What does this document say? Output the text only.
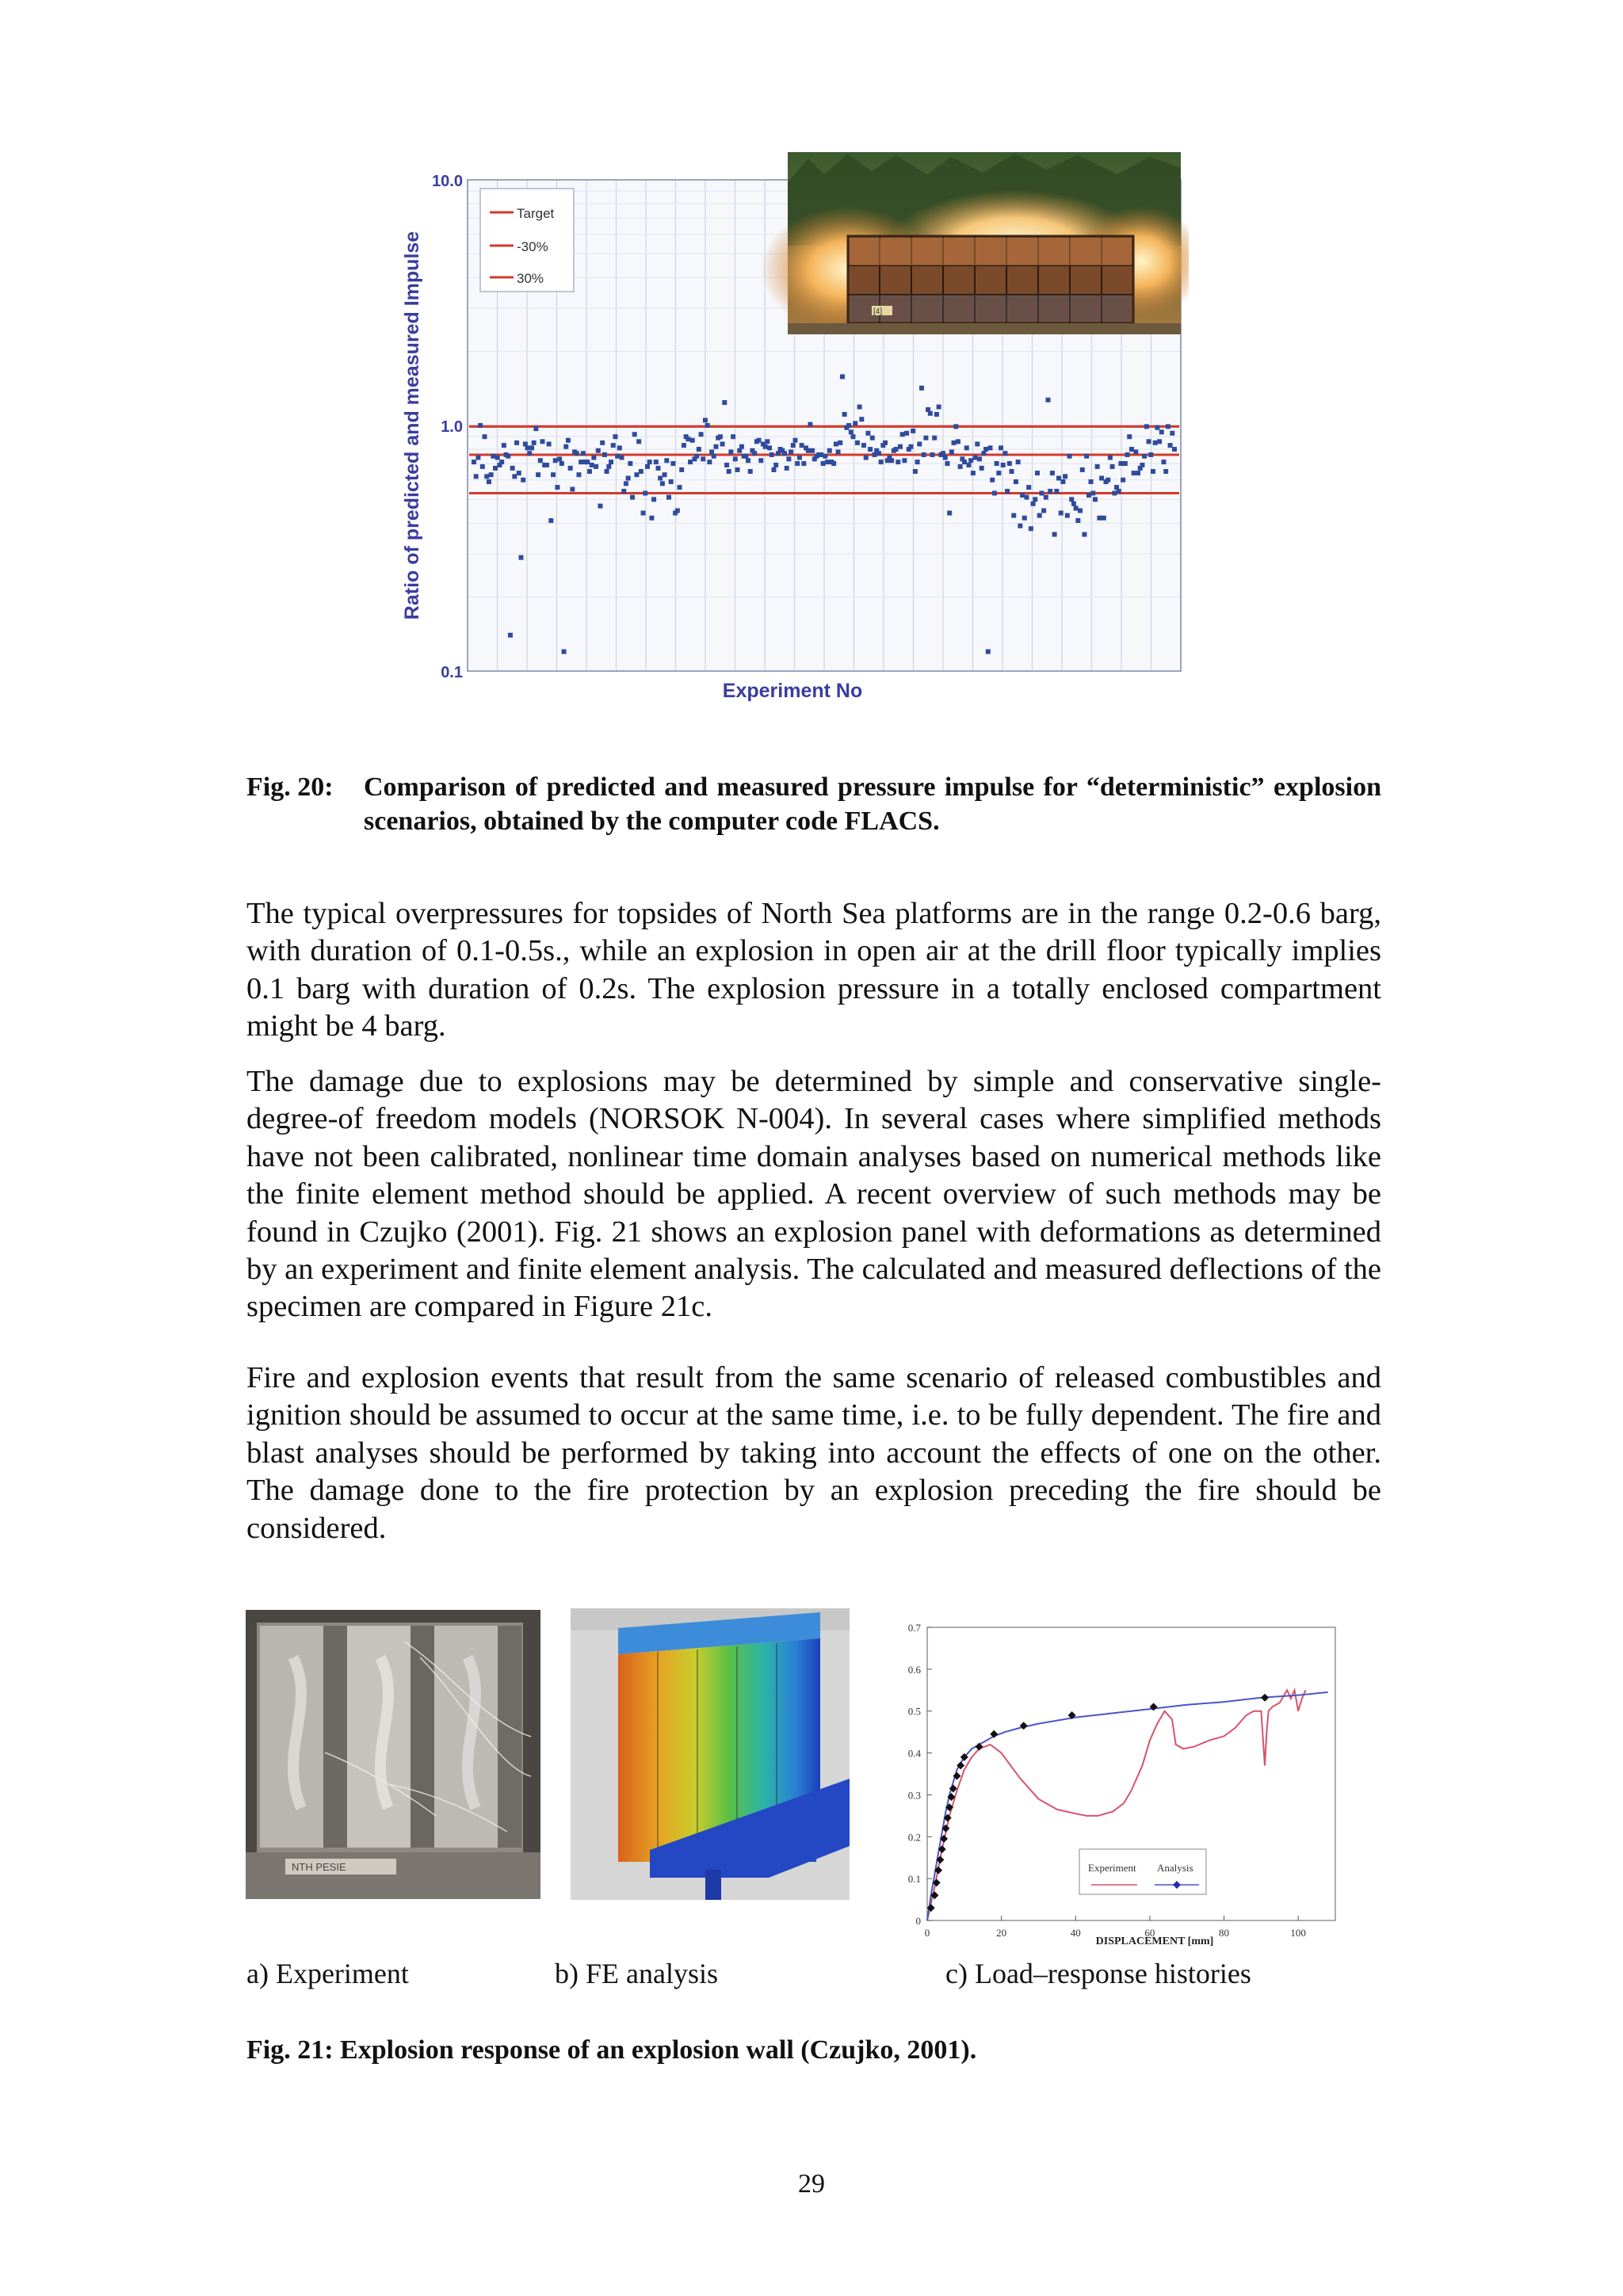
Target
-30%
30%
10.0
1.0
0.1
Ratio of predicted and measured Impulse
Experiment No
[4]
Fig. 20:	Comparison of predicted and measured pressure impulse for “deterministic” explosion scenarios, obtained by the computer code FLACS.
The typical overpressures for topsides of North Sea platforms are in the range 0.2-0.6 barg, with duration of 0.1-0.5s., while an explosion in open air at the drill floor typically implies 0.1 barg with duration of 0.2s. The explosion pressure in a totally enclosed compartment might be 4 barg.
The damage due to explosions may be determined by simple and conservative single-degree-of freedom models (NORSOK N-004). In several cases where simplified methods have not been calibrated, nonlinear time domain analyses based on numerical methods like the finite element method should be applied. A recent overview of such methods may be found in Czujko (2001). Fig. 21 shows an explosion panel with deformations as determined by an experiment and finite element analysis. The calculated and measured deflections of the specimen are compared in Figure 21c.
Fire and explosion events that result from the same scenario of released combustibles and ignition should be assumed to occur at the same time, i.e. to be fully dependent. The fire and blast analyses should be performed by taking into account the effects of one on the other. The damage done to the fire protection by an explosion preceding the fire should be considered.
NTH PESIE
0
0.1
0.2
0.3
0.4
0.5
0.6
0.7
0	20	40	60	80	100
DISPLACEMENT [mm]
Experiment Analysis
a) Experiment	b) FE analysis	c) Load–response histories
Fig. 21: Explosion response of an explosion wall (Czujko, 2001).
29
